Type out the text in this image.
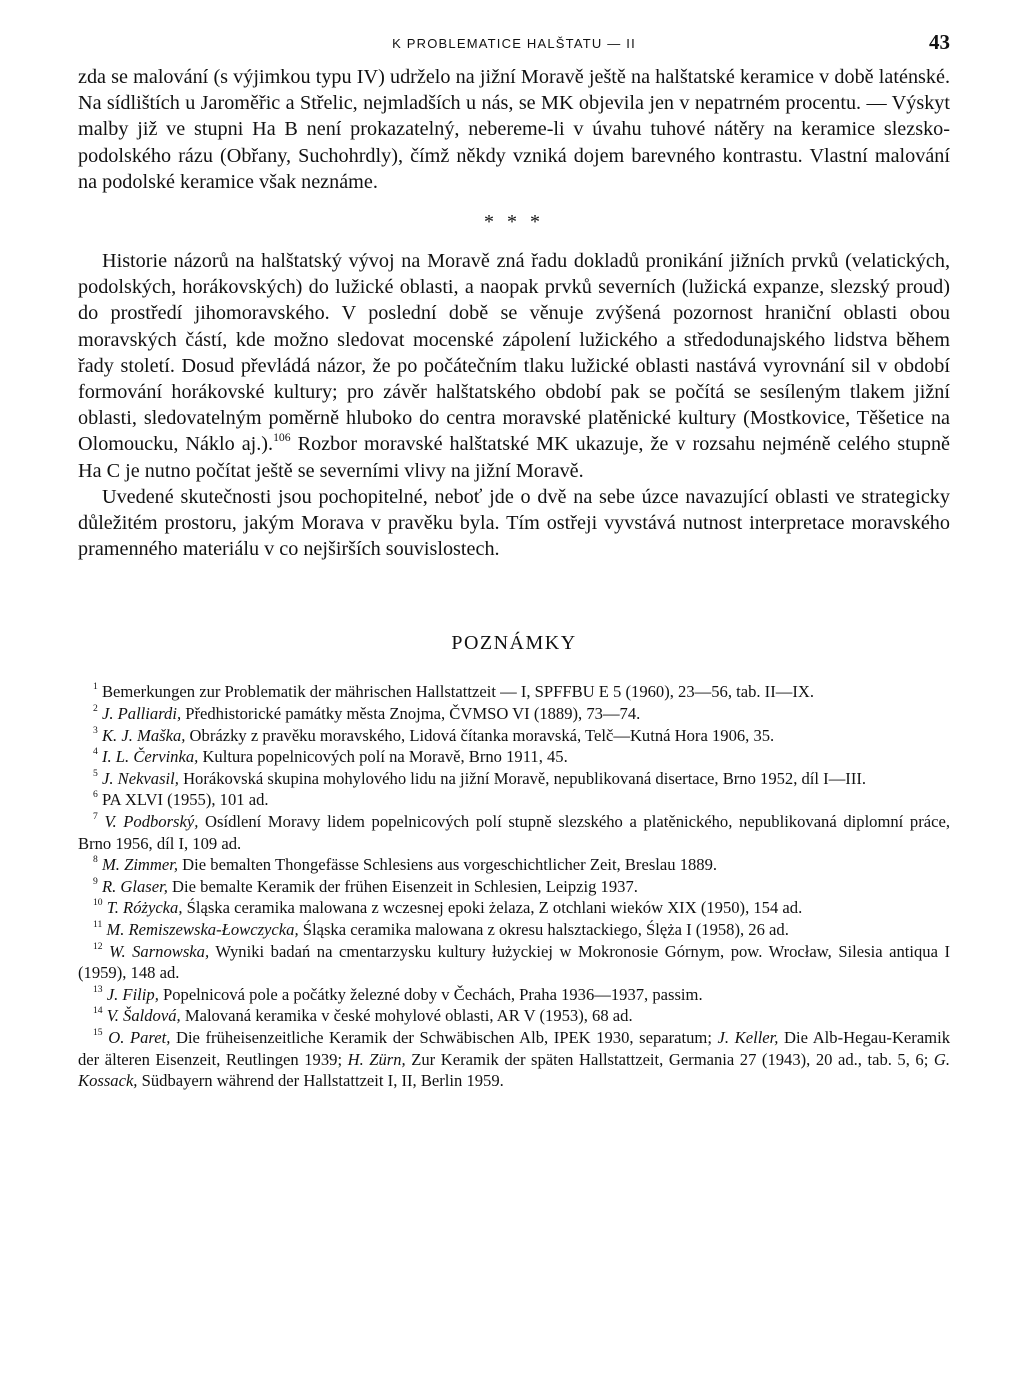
K PROBLEMATICE HALŠTATU — II	43

zda se malování (s výjimkou typu IV) udrželo na jižní Moravě ještě na halštatské keramice v době laténské. Na sídlištích u Jaroměřic a Střelic, nejmladších u nás, se MK objevila jen v nepatrném procentu. — Výskyt malby již ve stupni Ha B není prokazatelný, nebereme-li v úvahu tuhové nátěry na keramice slezsko-podolského rázu (Obřany, Suchohrdly), čímž někdy vzniká dojem barevného kontrastu. Vlastní malování na podolské keramice však neznáme.

* * *

Historie názorů na halštatský vývoj na Moravě zná řadu dokladů pronikání jižních prvků (velatických, podolských, horákovských) do lužické oblasti, a naopak prvků severních (lužická expanze, slezský proud) do prostředí jihomoravského. V poslední době se věnuje zvýšená pozornost hraniční oblasti obou moravských částí, kde možno sledovat mocenské zápolení lužického a středodunajského lidstva během řady století. Dosud převládá názor, že po počátečním tlaku lužické oblasti nastává vyrovnání sil v období formování horákovské kultury; pro závěr halštatského období pak se počítá se sesíleným tlakem jižní oblasti, sledovatelným poměrně hluboko do centra moravské platěnické kultury (Mostkovice, Těšetice na Olomoucku, Náklo aj.).$^{106}$ Rozbor moravské halštatské MK ukazuje, že v rozsahu nejméně celého stupně Ha C je nutno počítat ještě se severními vlivy na jižní Moravě.

Uvedené skutečnosti jsou pochopitelné, neboť jde o dvě na sebe úzce navazující oblasti ve strategicky důležitém prostoru, jakým Morava v pravěku byla. Tím ostřeji vyvstává nutnost interpretace moravského pramenného materiálu v co nejširších souvislostech.

POZNÁMKY

$^1$ Bemerkungen zur Problematik der mährischen Hallstattzeit — I, SPFFBU E 5 (1960), 23—56, tab. II—IX.

$^2$ J. Palliardi, Předhistorické památky města Znojma, ČVMSO VI (1889), 73—74.

$^3$ K. J. Maška, Obrázky z pravěku moravského, Lidová čítanka moravská, Telč—Kutná Hora 1906, 35.

$^4$ I. L. Červinka, Kultura popelnicových polí na Moravě, Brno 1911, 45.

$^5$ J. Nekvasil, Horákovská skupina mohylového lidu na jižní Moravě, nepublikovaná disertace, Brno 1952, díl I—III.

$^6$ PA XLVI (1955), 101 ad.

$^7$ V. Podborský, Osídlení Moravy lidem popelnicových polí stupně slezského a platěnického, nepublikovaná diplomní práce, Brno 1956, díl I, 109 ad.

$^8$ M. Zimmer, Die bemalten Thongefässe Schlesiens aus vorgeschichtlicher Zeit, Breslau 1889.

$^9$ R. Glaser, Die bemalte Keramik der frühen Eisenzeit in Schlesien, Leipzig 1937.

$^{10}$ T. Różycka, Śląska ceramika malowana z wczesnej epoki żelaza, Z otchlani wieków XIX (1950), 154 ad.

$^{11}$ M. Remiszewska-Łowczycka, Śląska ceramika malowana z okresu halsztackiego, Ślęża I (1958), 26 ad.

$^{12}$ W. Sarnowska, Wyniki badań na cmentarzysku kultury łużyckiej w Mokronosie Górnym, pow. Wrocław, Silesia antiqua I (1959), 148 ad.

$^{13}$ J. Filip, Popelnicová pole a počátky železné doby v Čechách, Praha 1936—1937, passim.

$^{14}$ V. Šaldová, Malovaná keramika v české mohylové oblasti, AR V (1953), 68 ad.

$^{15}$ O. Paret, Die früheisenzeitliche Keramik der Schwäbischen Alb, IPEK 1930, separatum; J. Keller, Die Alb-Hegau-Keramik der älteren Eisenzeit, Reutlingen 1939; H. Zürn, Zur Keramik der späten Hallstattzeit, Germania 27 (1943), 20 ad., tab. 5, 6; G. Kossack, Südbayern während der Hallstattzeit I, II, Berlin 1959.
